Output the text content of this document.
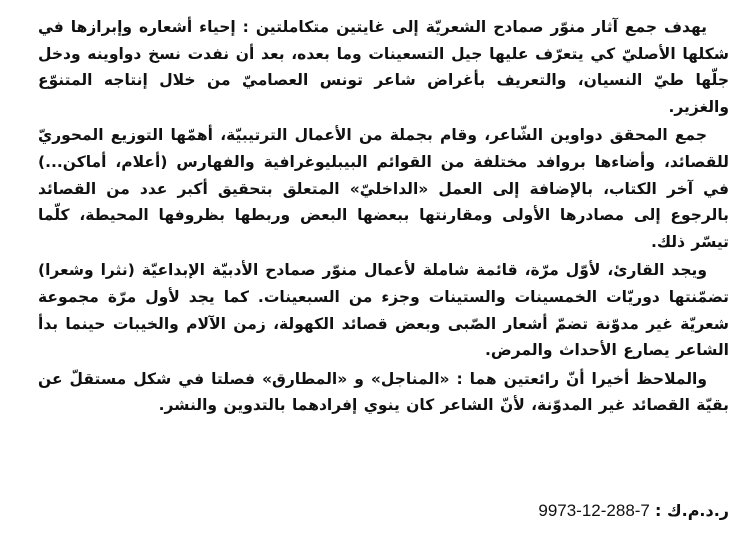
يهدف جمع آثار منوّر صمادح الشعريّة إلى غايتين متكاملتين : إحياء أشعاره وإبرازها في شكلها الأصليّ كي يتعرّف عليها جيل التسعينات وما بعده، بعد أن نفدت نسخ دواوينه ودخل جلّها طيّ النسيان، والتعريف بأغراض شاعر تونس العصاميّ من خلال إنتاجه المتنوّع والغزير.

جمع المحقق دواوين الشّاعر، وقام بجملة من الأعمال الترتيبيّة، أهمّها التوزيع المحوريّ للقصائد، وأضاءها بروافد مختلفة من القوائم البيبليوغرافية والفهارس (أعلام، أماكن...) في آخر الكتاب، بالإضافة إلى العمل «الداخليّ» المتعلق بتحقيق أكبر عدد من القصائد بالرجوع إلى مصادرها الأولى ومقارنتها ببعضها البعض وربطها بظروفها المحيطة، كلّما تيسّر ذلك.

ويجد القارئ، لأوّل مرّة، قائمة شاملة لأعمال منوّر صمادح الأدبيّة الإبداعيّة (نثرا وشعرا) تضمّنتها دوريّات الخمسينات والستينات وجزء من السبعينات. كما يجد لأول مرّة مجموعة شعريّة غير مدوّنة تضمّ أشعار الصّبى وبعض قصائد الكهولة، زمن الآلام والخيبات حينما بدأ الشاعر يصارع الأحداث والمرض.

والملاحظ أخيرا أنّ رائعتين هما : «المناجل» و «المطارق» فصلتا في شكل مستقلّ عن بقيّة القصائد غير المدوّنة، لأنّ الشاعر كان ينوي إفرادهما بالتدوين والنشر.

ر.د.م.ك : 9973-12-288-7
